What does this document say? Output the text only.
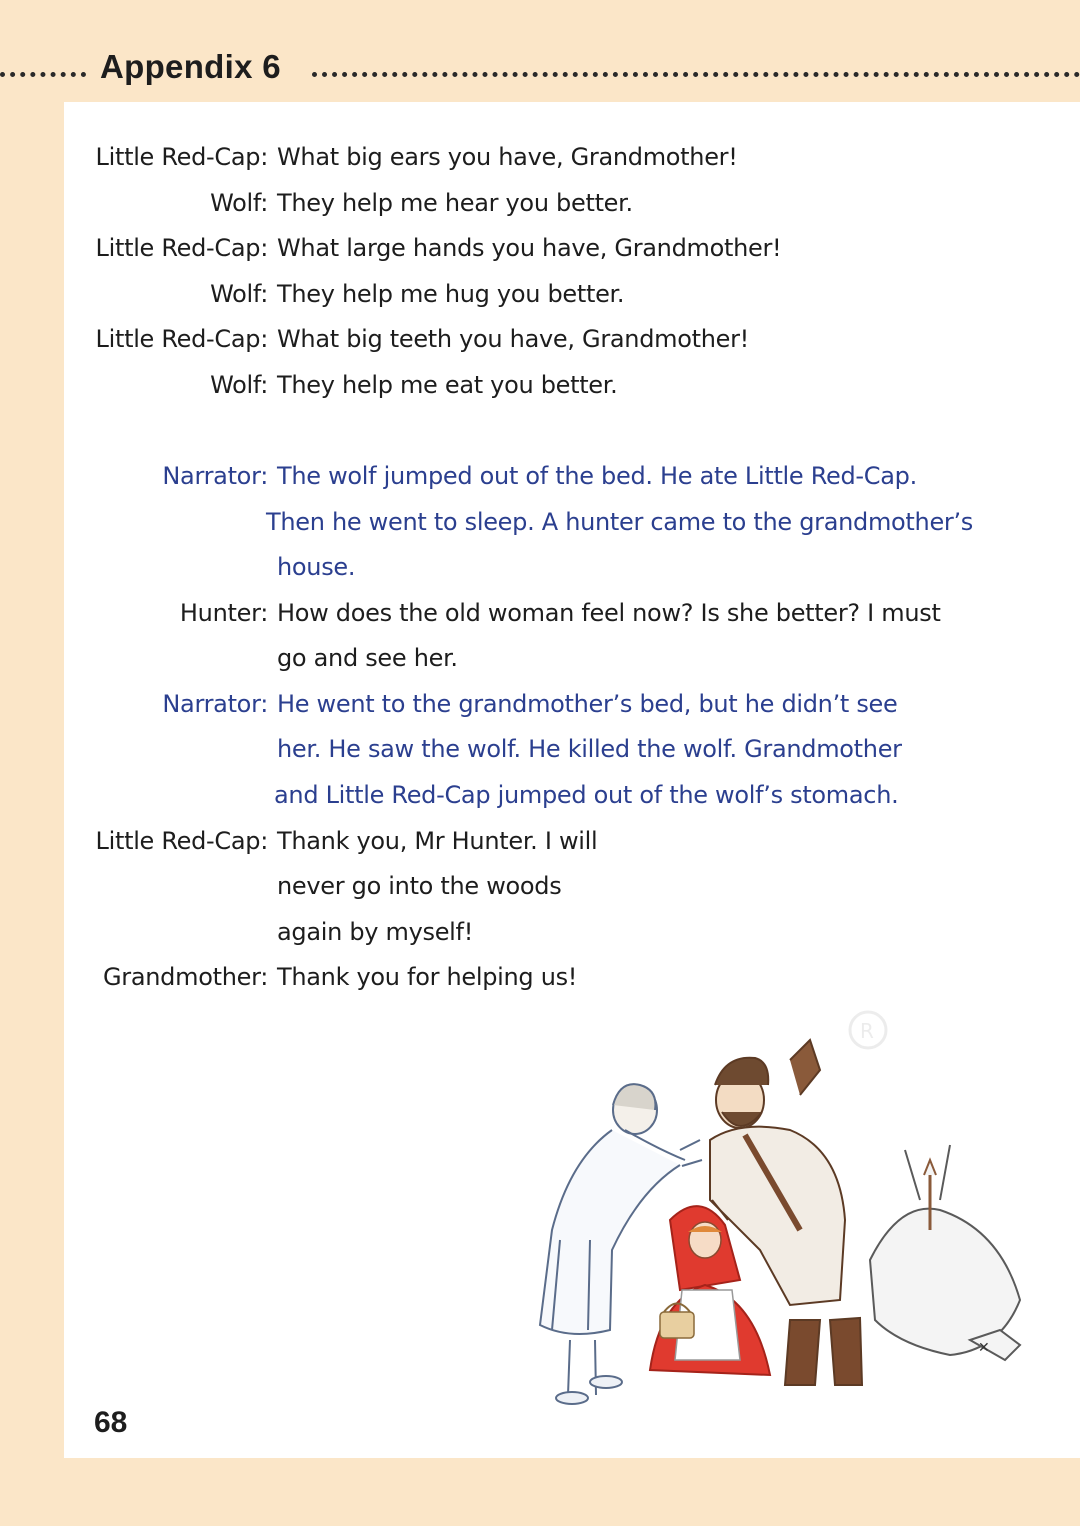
Appendix 6
Little Red-Cap: What big ears you have, Grandmother!
Wolf: They help me hear you better.
Little Red-Cap: What large hands you have, Grandmother!
Wolf: They help me hug you better.
Little Red-Cap: What big teeth you have, Grandmother!
Wolf: They help me eat you better.
Narrator: The wolf jumped out of the bed. He ate Little Red-Cap.
Then he went to sleep. A hunter came to the grandmother’s
house.
Hunter: How does the old woman feel now? Is she better? I must
go and see her.
Narrator: He went to the grandmother’s bed, but he didn’t see
her. He saw the wolf. He killed the wolf. Grandmother
and Little Red-Cap jumped out of the wolf’s stomach.
Little Red-Cap: Thank you, Mr Hunter. I will
never go into the woods
again by myself!
Grandmother: Thank you for helping us!
R
✕
68
